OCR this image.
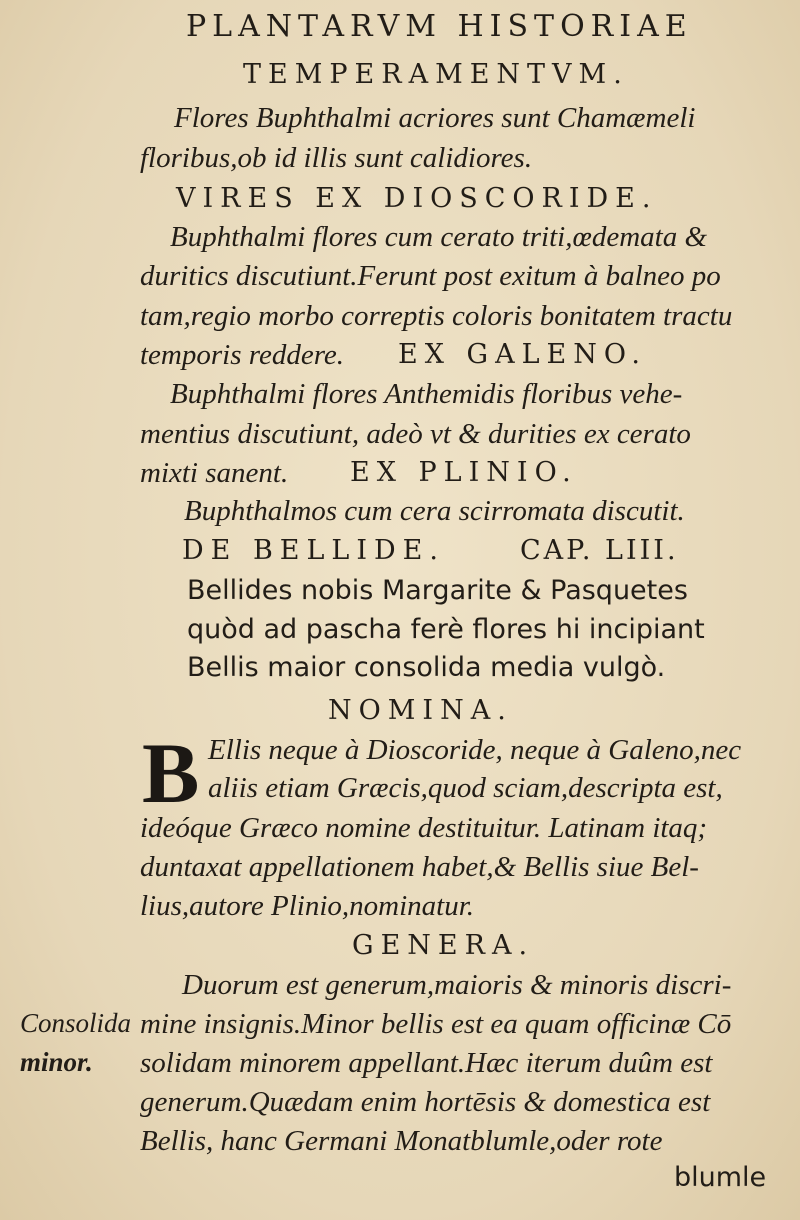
PLANTARVM HISTORIAE
TEMPERAMENTVM.
Flores Buphthalmi acriores sunt Chamæmeli
floribus,ob id illis sunt calidiores.
VIRES EX DIOSCORIDE.
Buphthalmi flores cum cerato triti,œdemata &
duritics discutiunt.Ferunt post exitum à balneo po
tam,regio morbo correptis coloris bonitatem tractu
temporis reddere. EX GALENO.
Buphthalmi flores Anthemidis floribus vehe-
mentius discutiunt, adeò vt & durities ex cerato
mixti sanent. EX PLINIO.
Buphthalmos cum cera scirromata discutit.
DE BELLIDE.	CAP. LIII.
Bellides nobis Margarite & Pasquetes
quòd ad pascha ferè flores hi incipiant
Bellis maior consolida media vulgò.
NOMINA.
B Ellis neque à Dioscoride, neque à Galeno,nec
aliis etiam Græcis,quod sciam,descripta est,
ideóque Græco nomine destituitur. Latinam itaq;
duntaxat appellationem habet,& Bellis siue Bel-
lius,autore Plinio,nominatur.
GENERA.
Duorum est generum,maioris & minoris discri-
mine insignis.Minor bellis est ea quam officinæ Cō
solidam minorem appellant.Hæc iterum duûm est
generum.Quædam enim hortēsis & domestica est
Bellis, hanc Germani Monatblumle,oder rote
blumle
Consolida
minor.
